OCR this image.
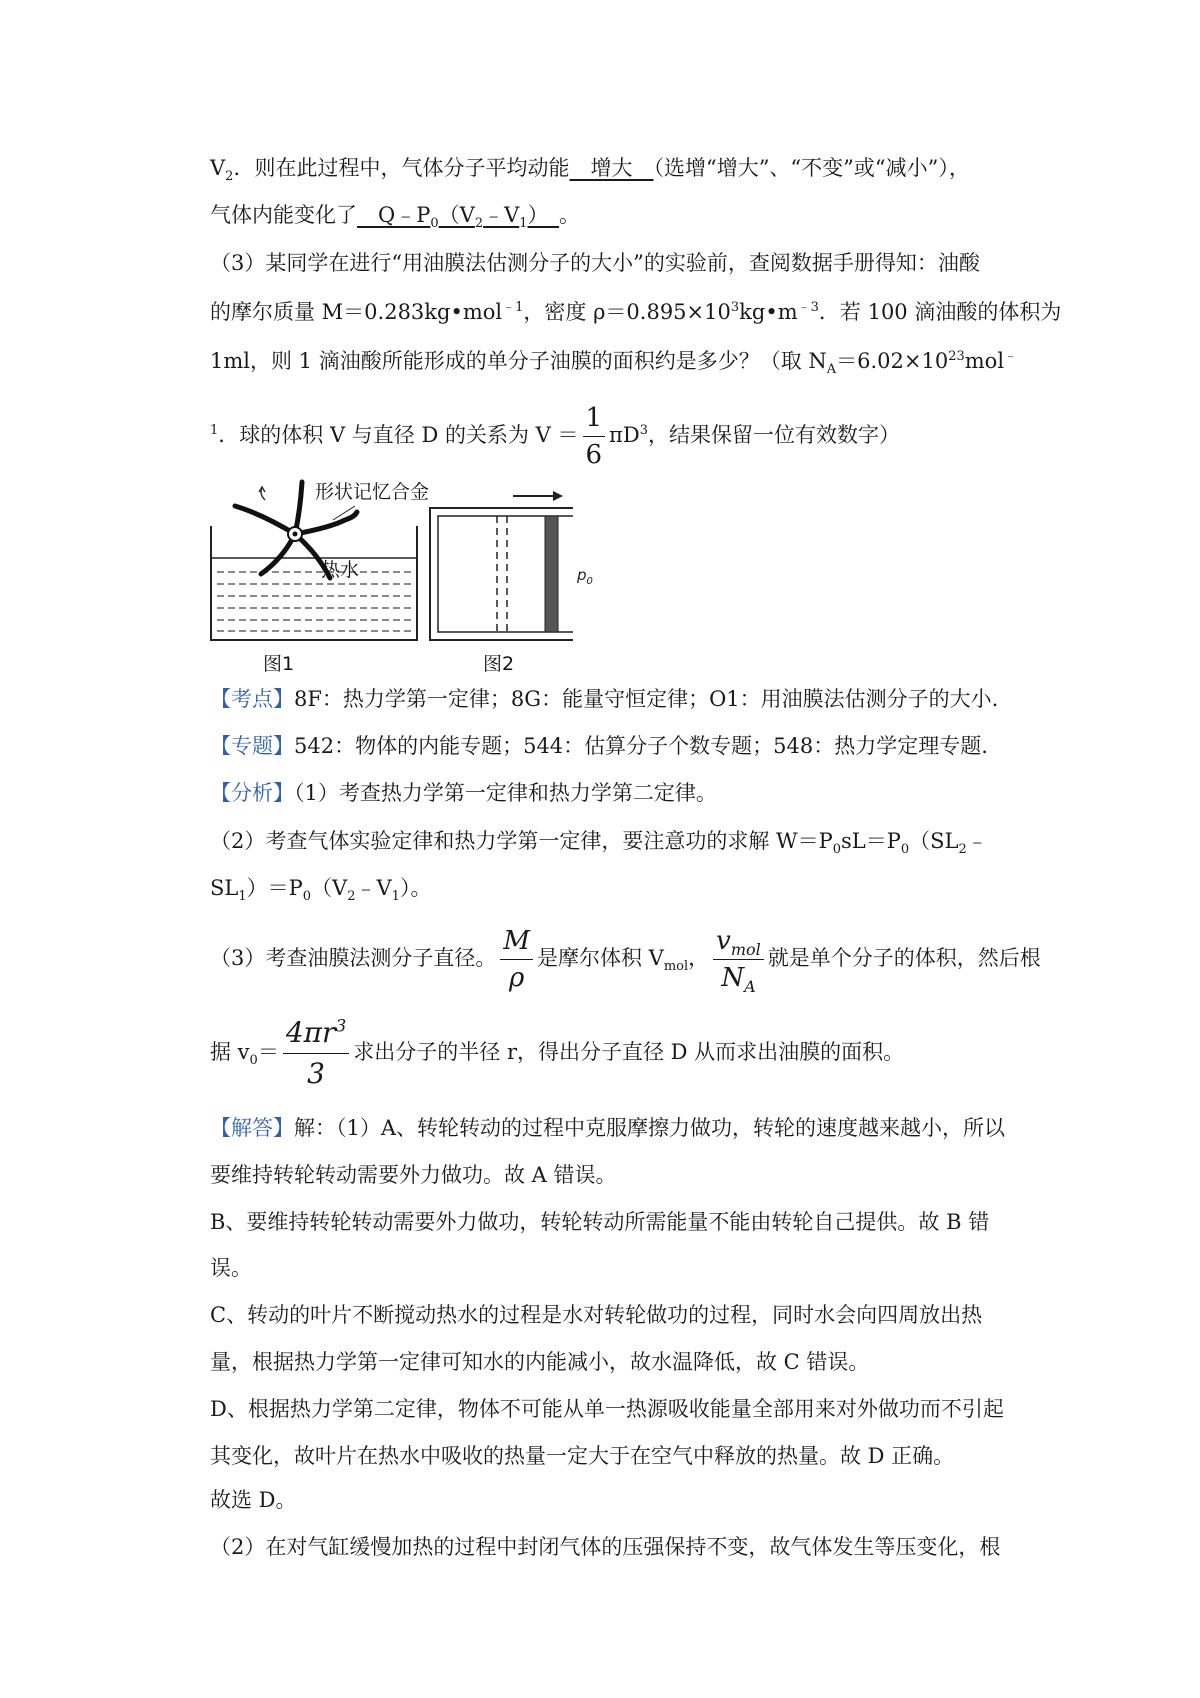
$V_2$．则在此过程中，气体分子平均动能　增大　（选增“增大”、“不变”或“减小”），
气体内能变化了　$Q﹣P_0(V_2﹣V_1)$　。
（3）某同学在进行“用油膜法估测分子的大小”的实验前，查阅数据手册得知：油酸
的摩尔质量 M＝0.283kg•mol$^{﹣1}$，密度 $\rho=0.895\times 10^3kg•m^{﹣3}$．若 100 滴油酸的体积为
1ml，则 1 滴油酸所能形成的单分子油膜的面积约是多少？（取 $N_A=6.02\times 10^{23}mol^﹣$
$^1$．球的体积 V 与直径 D 的关系为 $V = \frac{1}{6} \pi D^3$，结果保留一位有效数字）
形状记忆合金
热水
图1
$p_0$
图2
【考点】8F：热力学第一定律；8G：能量守恒定律；O1：用油膜法估测分子的大小.
【专题】542：物体的内能专题；544：估算分子个数专题；548：热力学定理专题.
【分析】（1）考查热力学第一定律和热力学第二定律。
（2）考查气体实验定律和热力学第一定律，要注意功的求解 $W=P_0sL=P_0(SL_2﹣$
$SL_1)=P_0(V_2﹣V_1)$。
（3）考查油膜法测分子直径。 $\frac{M}{\rho}$ 是摩尔体积 $V_{mol}$， $\frac{v_{mol}}{N_A}$ 就是单个分子的体积，然后根
据 $v_0= \frac{4\pi r^3}{3}$ 求出分子的半径 r，得出分子直径 D 从而求出油膜的面积。
【解答】解：（1）A、转轮转动的过程中克服摩擦力做功，转轮的速度越来越小，所以
要维持转轮转动需要外力做功。故 A 错误。
B、要维持转轮转动需要外力做功，转轮转动所需能量不能由转轮自己提供。故 B 错
误。
C、转动的叶片不断搅动热水的过程是水对转轮做功的过程，同时水会向四周放出热
量，根据热力学第一定律可知水的内能减小，故水温降低，故 C 错误。
D、根据热力学第二定律，物体不可能从单一热源吸收能量全部用来对外做功而不引起
其变化，故叶片在热水中吸收的热量一定大于在空气中释放的热量。故 D 正确。
故选 D。
（2）在对气缸缓慢加热的过程中封闭气体的压强保持不变，故气体发生等压变化，根
